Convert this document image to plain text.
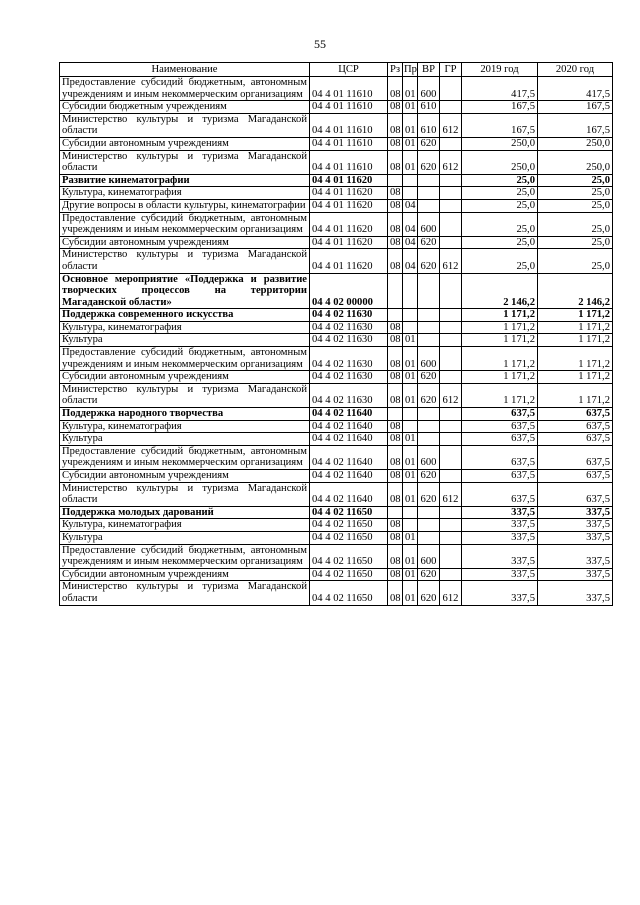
55
Наименование	ЦСР	Рз	Пр	ВР	ГР	2019 год	2020 год
Предоставление субсидий бюджетным, автономным учреждениям и иным некоммерческим организациям	04 4 01 11610	08	01	600		417,5	417,5
Субсидии бюджетным учреждениям	04 4 01 11610	08	01	610		167,5	167,5
Министерство культуры и туризма Магаданской области	04 4 01 11610	08	01	610	612	167,5	167,5
Субсидии автономным учреждениям	04 4 01 11610	08	01	620		250,0	250,0
Министерство культуры и туризма Магаданской области	04 4 01 11610	08	01	620	612	250,0	250,0
Развитие кинематографии	04 4 01 11620					25,0	25,0
Культура, кинематография	04 4 01 11620	08				25,0	25,0
Другие вопросы в области культуры, кинематографии	04 4 01 11620	08	04			25,0	25,0
Предоставление субсидий бюджетным, автономным учреждениям и иным некоммерческим организациям	04 4 01 11620	08	04	600		25,0	25,0
Субсидии автономным учреждениям	04 4 01 11620	08	04	620		25,0	25,0
Министерство культуры и туризма Магаданской области	04 4 01 11620	08	04	620	612	25,0	25,0
Основное мероприятие «Поддержка и развитие творческих процессов на территории Магаданской области»	04 4 02 00000					2 146,2	2 146,2
Поддержка современного искусства	04 4 02 11630					1 171,2	1 171,2
Культура, кинематография	04 4 02 11630	08				1 171,2	1 171,2
Культура	04 4 02 11630	08	01			1 171,2	1 171,2
Предоставление субсидий бюджетным, автономным учреждениям и иным некоммерческим организациям	04 4 02 11630	08	01	600		1 171,2	1 171,2
Субсидии автономным учреждениям	04 4 02 11630	08	01	620		1 171,2	1 171,2
Министерство культуры и туризма Магаданской области	04 4 02 11630	08	01	620	612	1 171,2	1 171,2
Поддержка народного творчества	04 4 02 11640					637,5	637,5
Культура, кинематография	04 4 02 11640	08				637,5	637,5
Культура	04 4 02 11640	08	01			637,5	637,5
Предоставление субсидий бюджетным, автономным учреждениям и иным некоммерческим организациям	04 4 02 11640	08	01	600		637,5	637,5
Субсидии автономным учреждениям	04 4 02 11640	08	01	620		637,5	637,5
Министерство культуры и туризма Магаданской области	04 4 02 11640	08	01	620	612	637,5	637,5
Поддержка молодых дарований	04 4 02 11650					337,5	337,5
Культура, кинематография	04 4 02 11650	08				337,5	337,5
Культура	04 4 02 11650	08	01			337,5	337,5
Предоставление субсидий бюджетным, автономным учреждениям и иным некоммерческим организациям	04 4 02 11650	08	01	600		337,5	337,5
Субсидии автономным учреждениям	04 4 02 11650	08	01	620		337,5	337,5
Министерство культуры и туризма Магаданской области	04 4 02 11650	08	01	620	612	337,5	337,5
